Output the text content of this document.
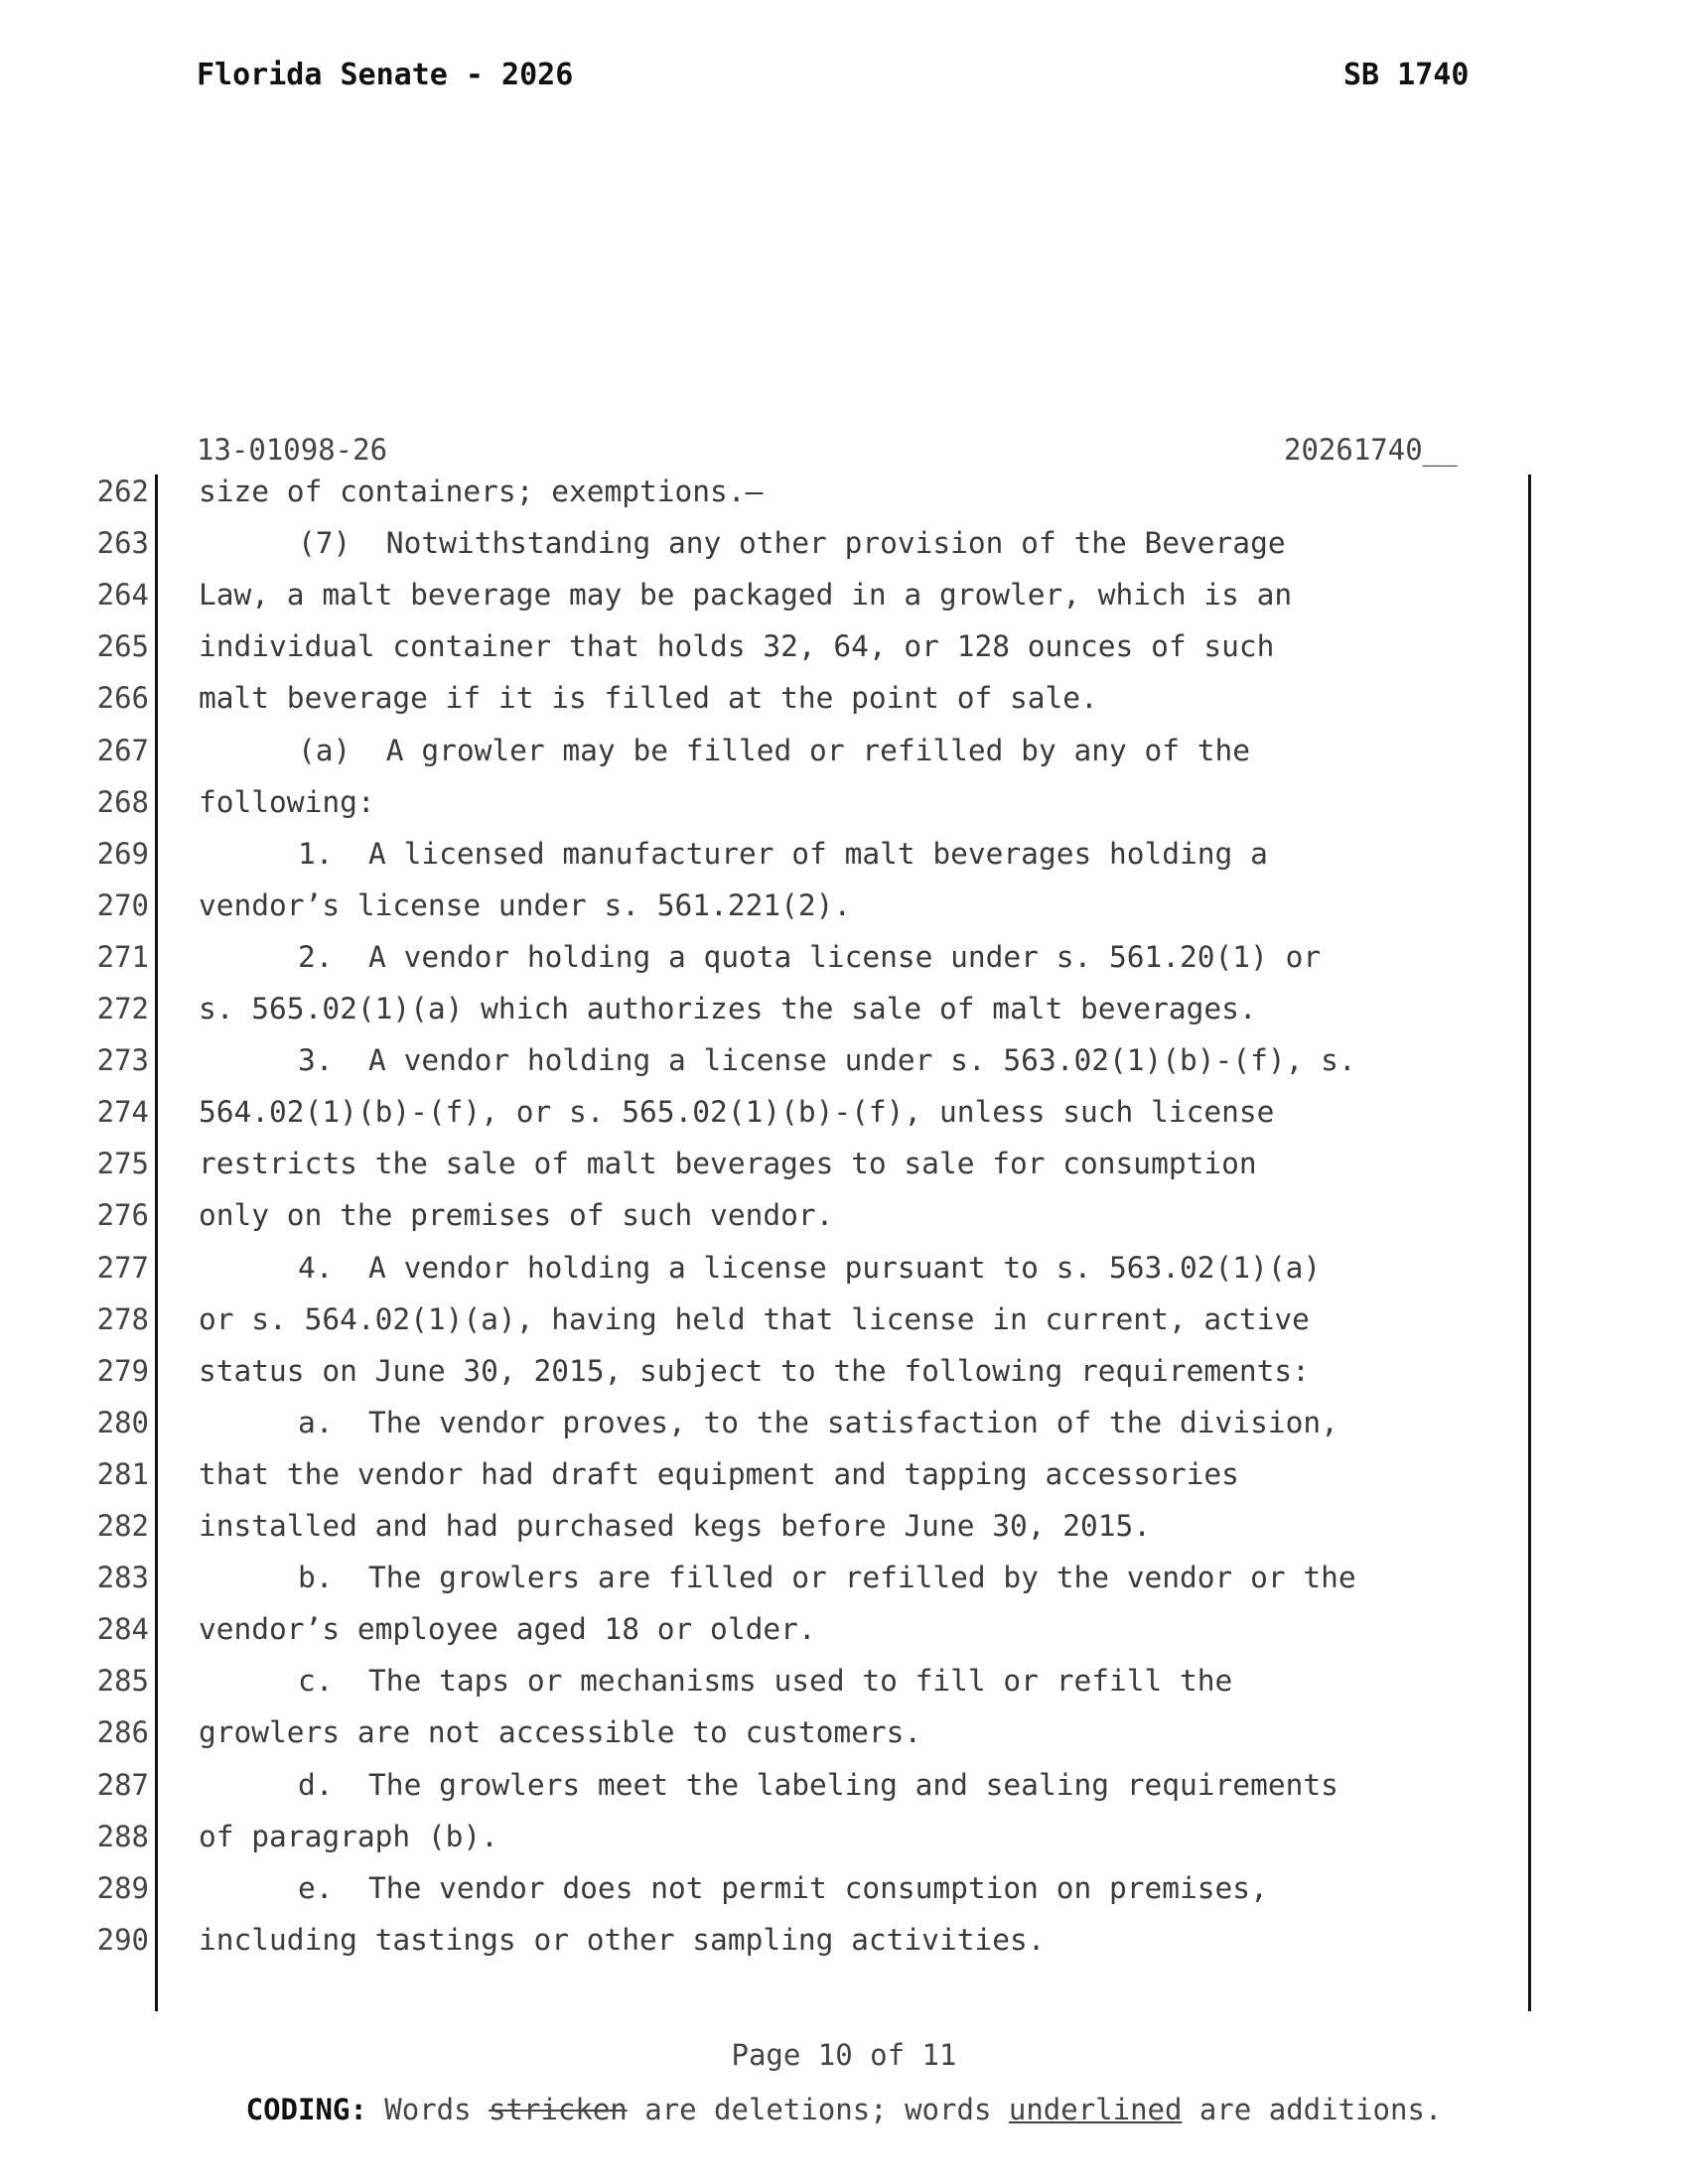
Florida Senate - 2026	SB 1740
13-01098-26	20261740__
262 size of containers; exemptions.—
263	(7)  Notwithstanding any other provision of the Beverage
264 Law, a malt beverage may be packaged in a growler, which is an
265 individual container that holds 32, 64, or 128 ounces of such
266 malt beverage if it is filled at the point of sale.
267	(a)  A growler may be filled or refilled by any of the
268 following:
269	1.  A licensed manufacturer of malt beverages holding a
270 vendor’s license under s. 561.221(2).
271	2.  A vendor holding a quota license under s. 561.20(1) or
272 s. 565.02(1)(a) which authorizes the sale of malt beverages.
273	3.  A vendor holding a license under s. 563.02(1)(b)-(f), s.
274 564.02(1)(b)-(f), or s. 565.02(1)(b)-(f), unless such license
275 restricts the sale of malt beverages to sale for consumption
276 only on the premises of such vendor.
277	4.  A vendor holding a license pursuant to s. 563.02(1)(a)
278 or s. 564.02(1)(a), having held that license in current, active
279 status on June 30, 2015, subject to the following requirements:
280	a.  The vendor proves, to the satisfaction of the division,
281 that the vendor had draft equipment and tapping accessories
282 installed and had purchased kegs before June 30, 2015.
283	b.  The growlers are filled or refilled by the vendor or the
284 vendor’s employee aged 18 or older.
285	c.  The taps or mechanisms used to fill or refill the
286 growlers are not accessible to customers.
287	d.  The growlers meet the labeling and sealing requirements
288 of paragraph (b).
289	e.  The vendor does not permit consumption on premises,
290 including tastings or other sampling activities.
Page 10 of 11
CODING: Words stricken are deletions; words underlined are additions.
